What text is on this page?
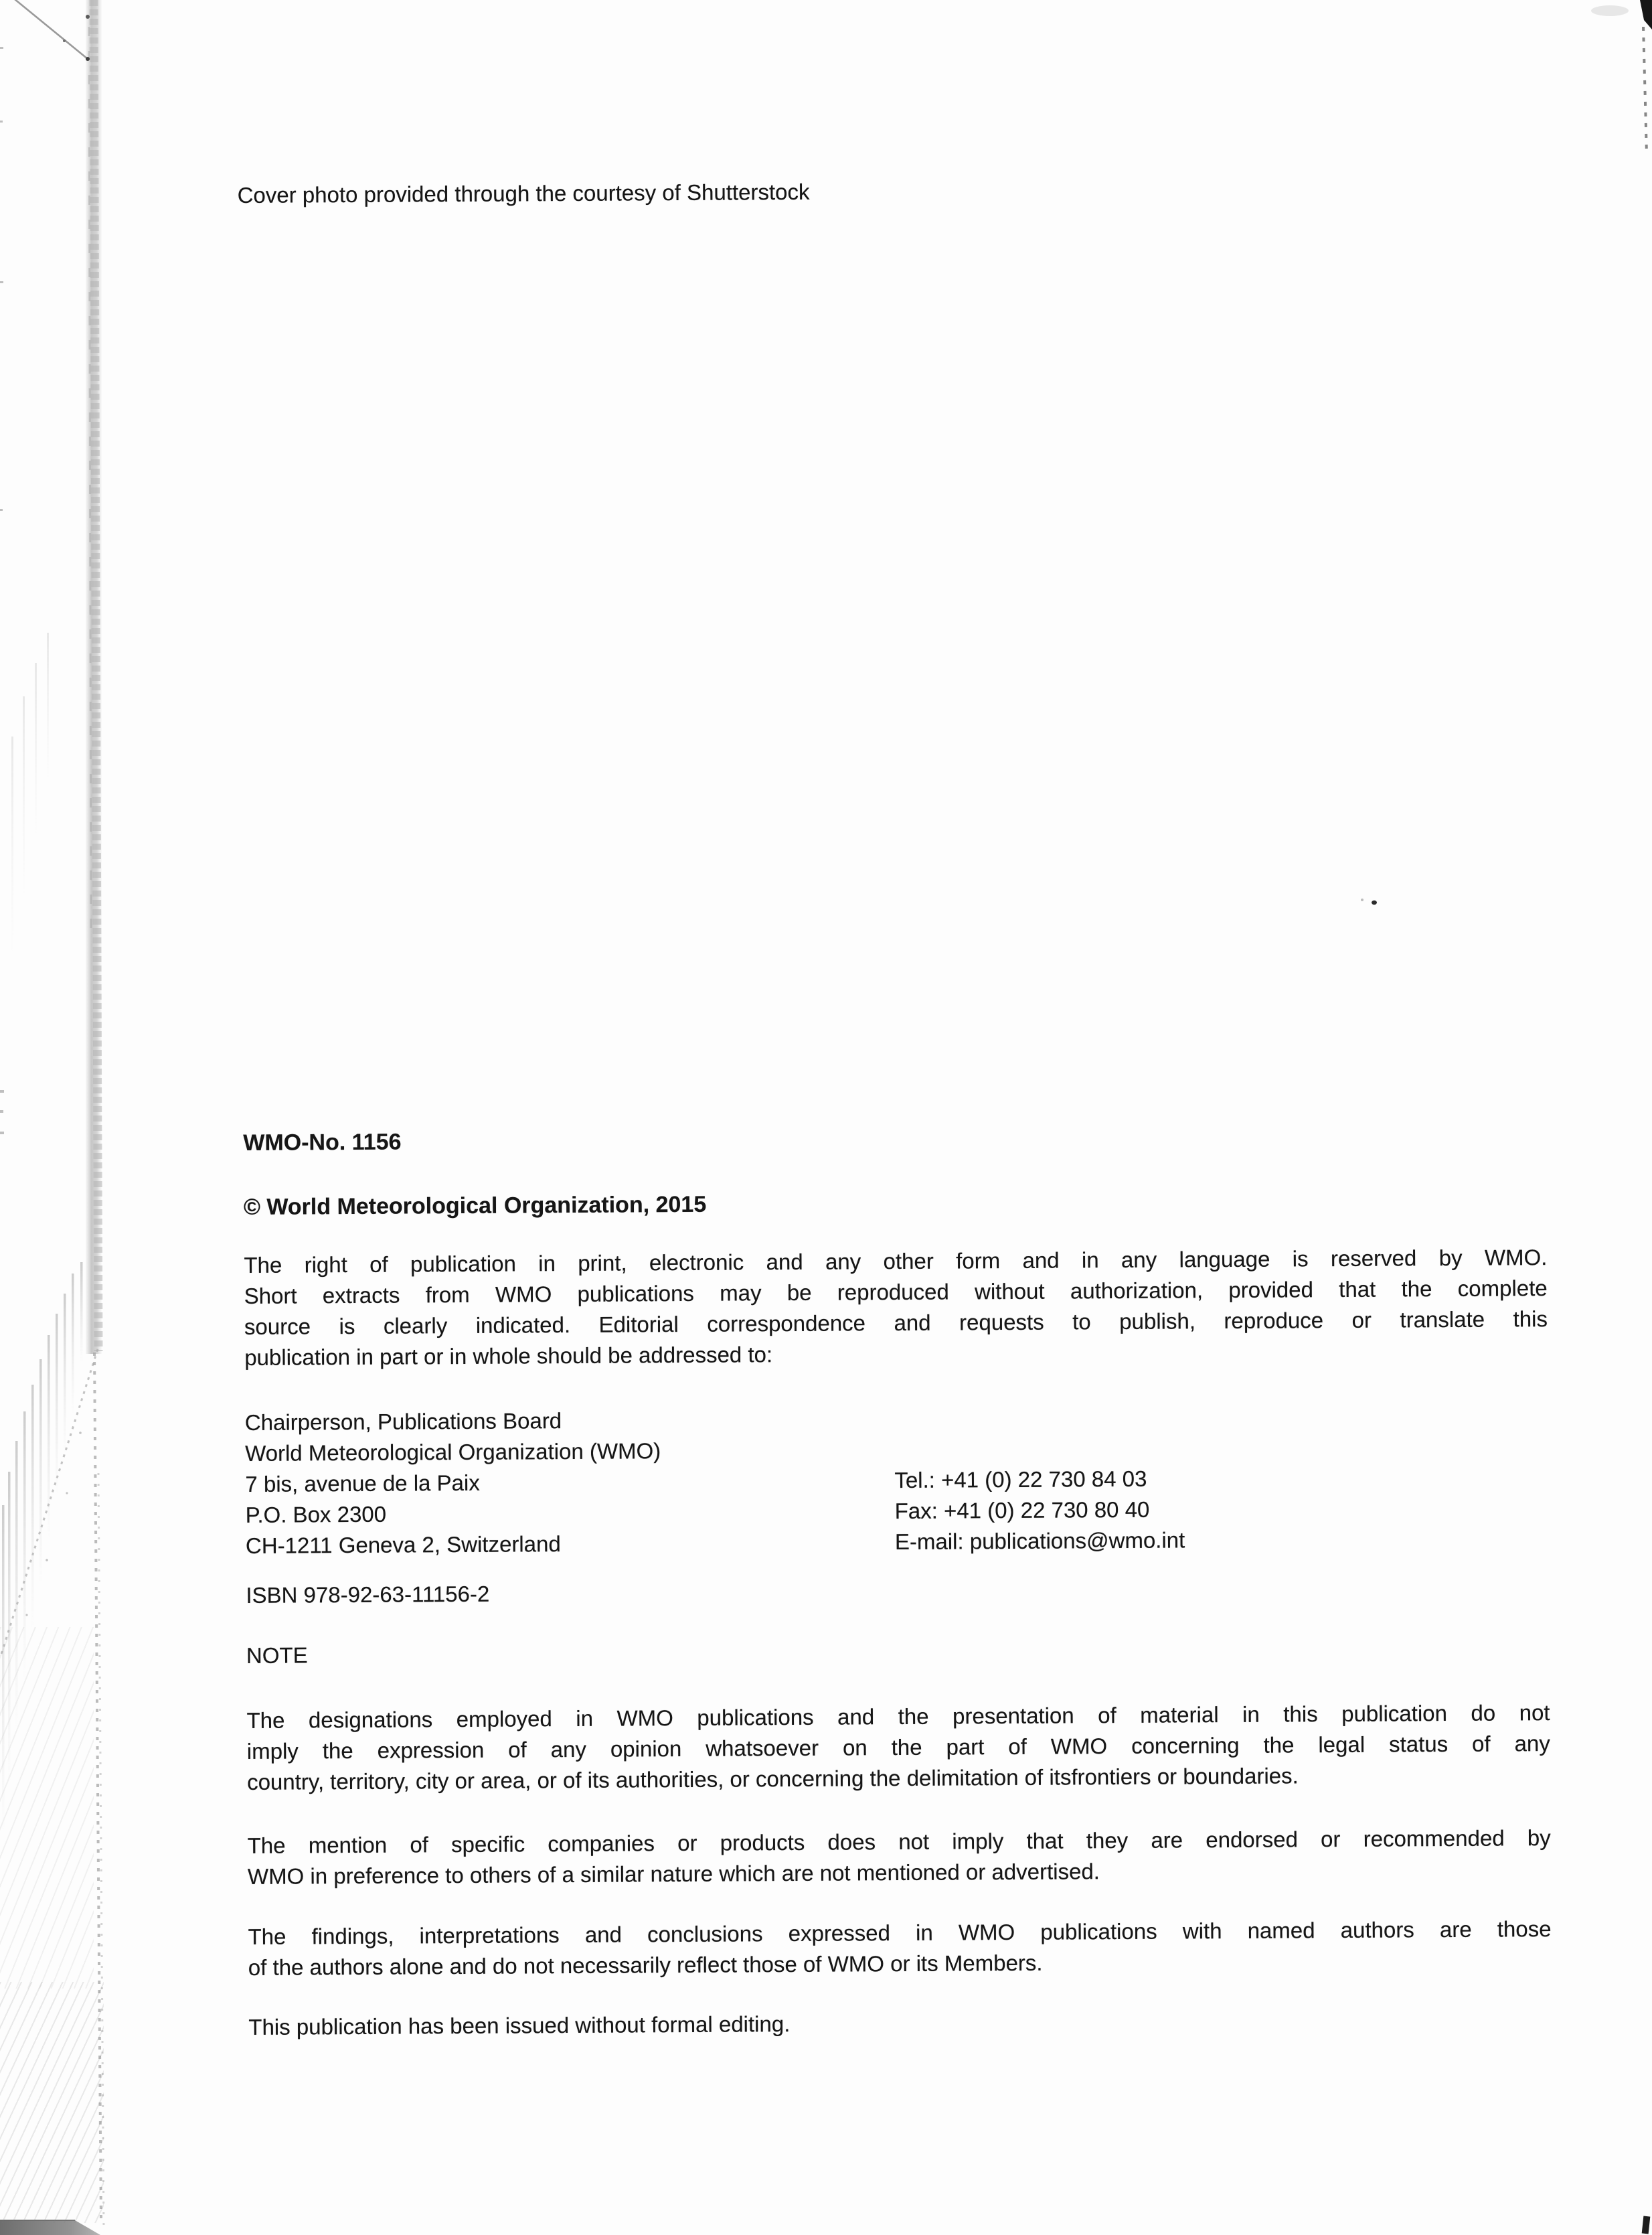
Cover photo provided through the courtesy of Shutterstock
WMO-No. 1156
© World Meteorological Organization, 2015
The right of publication in print, electronic and any other form and in any language is reserved by WMO.
Short extracts from WMO publications may be reproduced without authorization, provided that the complete
source is clearly indicated. Editorial correspondence and requests to publish, reproduce or translate this
publication in part or in whole should be addressed to:
Chairperson, Publications Board
World Meteorological Organization (WMO)
7 bis, avenue de la Paix	Tel.: +41 (0) 22 730 84 03
P.O. Box 2300	Fax: +41 (0) 22 730 80 40
CH-1211 Geneva 2, Switzerland	E-mail: publications@wmo.int
ISBN 978-92-63-11156-2
NOTE
The designations employed in WMO publications and the presentation of material in this publication do not
imply the expression of any opinion whatsoever on the part of WMO concerning the legal status of any
country, territory, city or area, or of its authorities, or concerning the delimitation of itsfrontiers or boundaries.
The mention of specific companies or products does not imply that they are endorsed or recommended by
WMO in preference to others of a similar nature which are not mentioned or advertised.
The findings, interpretations and conclusions expressed in WMO publications with named authors are those
of the authors alone and do not necessarily reflect those of WMO or its Members.
This publication has been issued without formal editing.
